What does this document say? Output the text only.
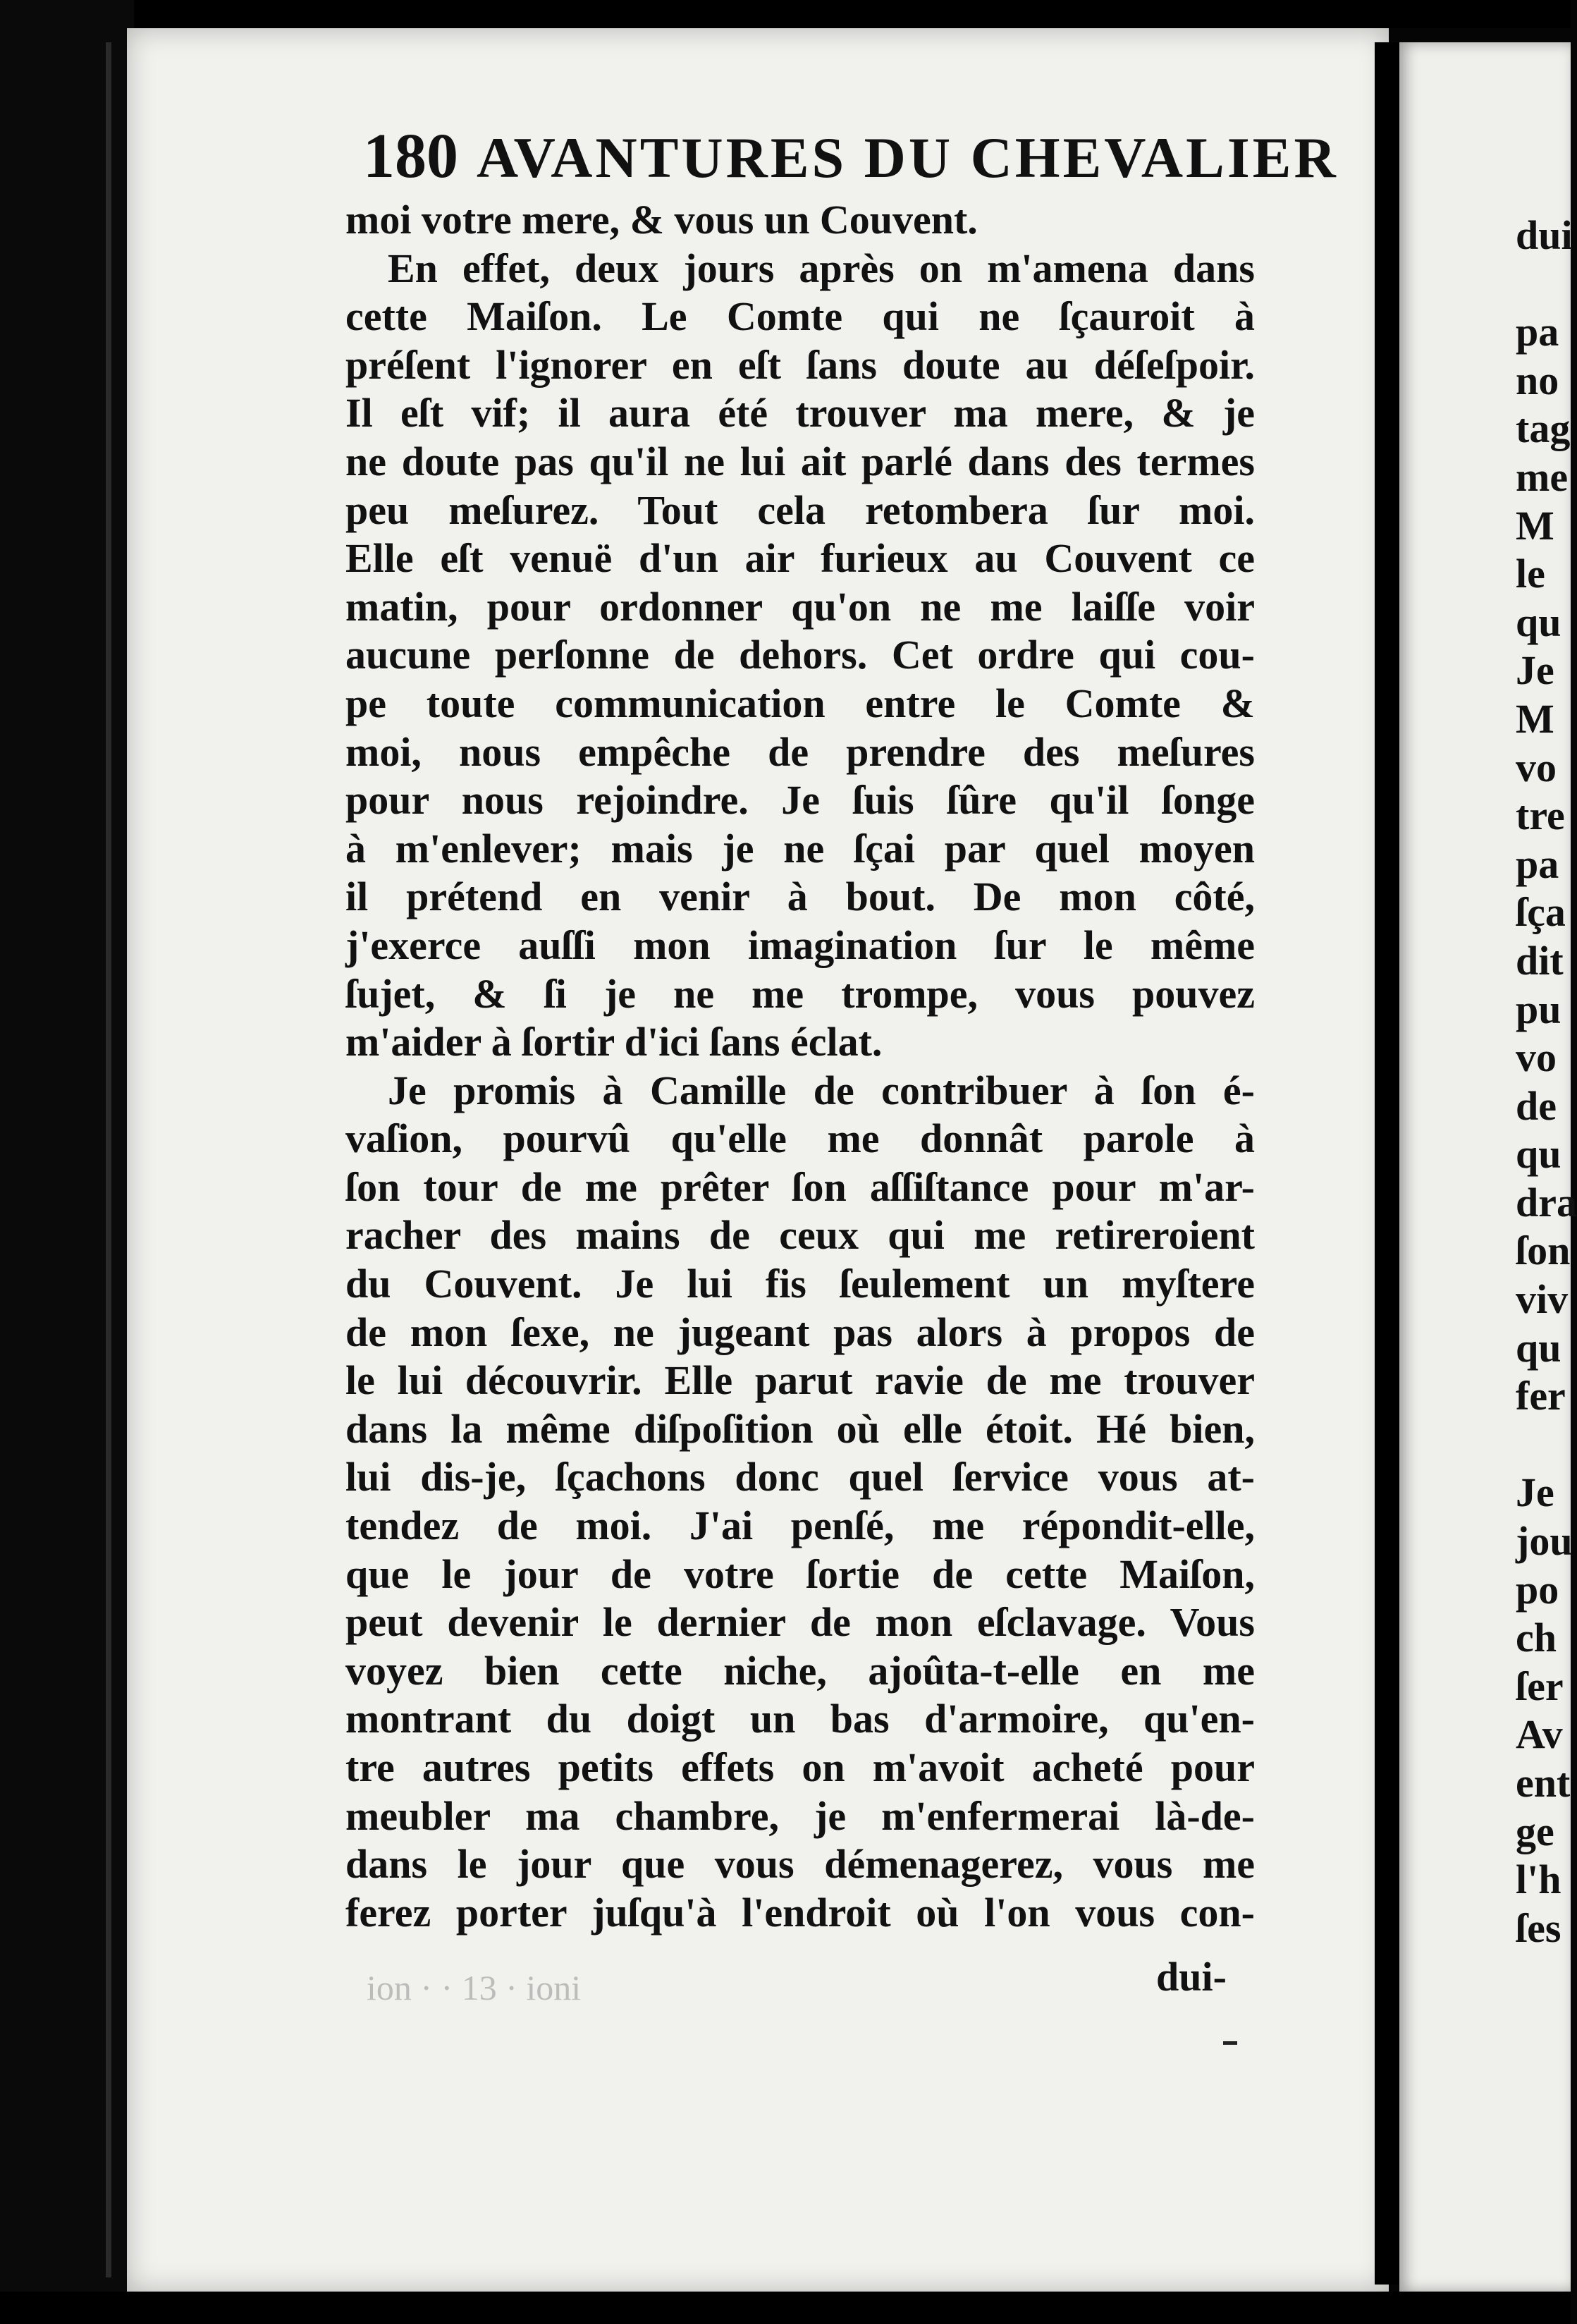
180 AVANTURES DU CHEVALIER
moi votre mere, & vous un Couvent.
En effet, deux jours après on m'amena dans
cette Maiſon. Le Comte qui ne ſçauroit à
préſent l'ignorer en eſt ſans doute au déſeſpoir.
Il eſt vif; il aura été trouver ma mere, & je
ne doute pas qu'il ne lui ait parlé dans des termes
peu meſurez. Tout cela retombera ſur moi.
Elle eſt venuë d'un air furieux au Couvent ce
matin, pour ordonner qu'on ne me laiſſe voir
aucune perſonne de dehors. Cet ordre qui cou-
pe toute communication entre le Comte &
moi, nous empêche de prendre des meſures
pour nous rejoindre. Je ſuis ſûre qu'il ſonge
à m'enlever; mais je ne ſçai par quel moyen
il prétend en venir à bout. De mon côté,
j'exerce auſſi mon imagination ſur le même
ſujet, & ſi je ne me trompe, vous pouvez
m'aider à ſortir d'ici ſans éclat.
Je promis à Camille de contribuer à ſon é-
vaſion, pourvû qu'elle me donnât parole à
ſon tour de me prêter ſon aſſiſtance pour m'ar-
racher des mains de ceux qui me retireroient
du Couvent. Je lui fis ſeulement un myſtere
de mon ſexe, ne jugeant pas alors à propos de
le lui découvrir. Elle parut ravie de me trouver
dans la même diſpoſition où elle étoit. Hé bien,
lui dis-je, ſçachons donc quel ſervice vous at-
tendez de moi. J'ai penſé, me répondit-elle,
que le jour de votre ſortie de cette Maiſon,
peut devenir le dernier de mon eſclavage. Vous
voyez bien cette niche, ajoûta-t-elle en me
montrant du doigt un bas d'armoire, qu'en-
tre autres petits effets on m'avoit acheté pour
meubler ma chambre, je m'enfermerai là-de-
dans le jour que vous démenagerez, vous me
ferez porter juſqu'à l'endroit où l'on vous con-
ion · · 13 · ioni	dui-
dui
pa
no
tag
me
M
le
qu
Je
M
vo
tre
pa
ſça
dit
pu
vo
de
qu
dra
ſon
viv
qu
fer
Je
jou
po
ch
ſer
Av
ent
ge
l'h
ſes
